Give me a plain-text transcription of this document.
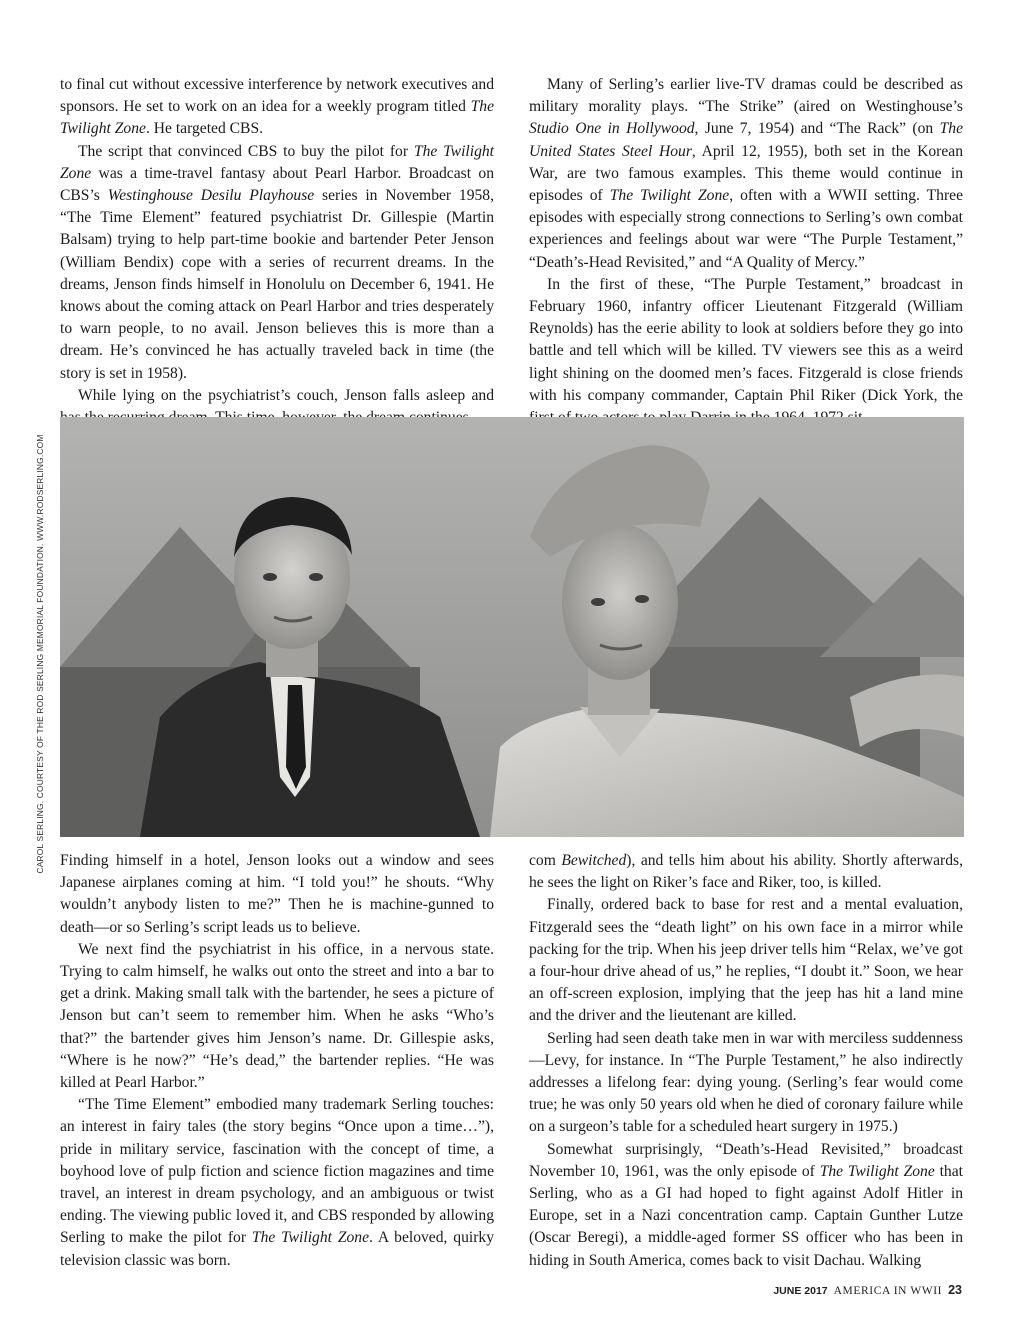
to final cut without excessive interference by network executives and sponsors. He set to work on an idea for a weekly program titled The Twilight Zone. He targeted CBS.

The script that convinced CBS to buy the pilot for The Twilight Zone was a time-travel fantasy about Pearl Harbor. Broadcast on CBS’s Westinghouse Desilu Playhouse series in November 1958, “The Time Element” featured psychiatrist Dr. Gillespie (Martin Balsam) trying to help part-time bookie and bartender Peter Jenson (William Bendix) cope with a series of recurrent dreams. In the dreams, Jenson finds himself in Honolulu on December 6, 1941. He knows about the coming attack on Pearl Harbor and tries desperately to warn people, to no avail. Jenson believes this is more than a dream. He’s convinced he has actually traveled back in time (the story is set in 1958).

While lying on the psychiatrist’s couch, Jenson falls asleep and

Many of Serling’s earlier live-TV dramas could be described as military morality plays. “The Strike” (aired on Westinghouse’s Studio One in Hollywood, June 7, 1954) and “The Rack” (on The United States Steel Hour, April 12, 1955), both set in the Korean War, are two famous examples. This theme would continue in episodes of The Twilight Zone, often with a WWII setting. Three episodes with especially strong connections to Serling’s own combat experiences and feelings about war were “The Purple Testament,” “Death’s-Head Revisited,” and “A Quality of Mercy.”

In the first of these, “The Purple Testament,” broadcast in February 1960, infantry officer Lieutenant Fitzgerald (William Reynolds) has the eerie ability to look at soldiers before they go into battle and tell which will be killed. TV viewers see this as a weird light shining on the doomed men’s faces. Fitzgerald is close friends with his company commander, Captain Phil Riker (Dick York, the

CAROL SERLING. COURTESY OF THE ROD SERLING MEMORIAL FOUNDATION. WWW.RODSERLING.COM Finding himself in a hotel, Jenson looks out a window and sees Japanese airplanes coming at him. “I told you!” he shouts. “Why wouldn’t anybody listen to me?” Then he is machine-gunned to death—or so Serling’s script leads us to believe.

We next find the psychiatrist in his office, in a nervous state. Trying to calm himself, he walks out onto the street and into a bar to get a drink. Making small talk with the bartender, he sees a picture of Jenson but can’t seem to remember him. When he asks “Who’s that?” the bartender gives him Jenson’s name. Dr. Gillespie asks, “Where is he now?” “He’s dead,” the bartender replies. “He was killed at Pearl Harbor.”

“The Time Element” embodied many trademark Serling touches: an interest in fairy tales (the story begins “Once upon a time…”), pride in military service, fascination with the concept of time, a boyhood love of pulp fiction and science fiction magazines and time travel, an interest in dream psychology, and an ambiguous or twist ending. The viewing public loved it, and CBS responded by allowing Serling to make the pilot for The Twilight Zone. A beloved, quirky television classic was born.

com Bewitched), and tells him about his ability. Shortly afterwards, he sees the light on Riker’s face and Riker, too, is killed.

Finally, ordered back to base for rest and a mental evaluation, Fitzgerald sees the “death light” on his own face in a mirror while packing for the trip. When his jeep driver tells him “Relax, we’ve got a four-hour drive ahead of us,” he replies, “I doubt it.” Soon, we hear an off-screen explosion, implying that the jeep has hit a land mine and the driver and the lieutenant are killed.

Serling had seen death take men in war with merciless suddenness—Levy, for instance. In “The Purple Testament,” he also indirectly addresses a lifelong fear: dying young. (Serling’s fear would come true; he was only 50 years old when he died of coronary failure while on a surgeon’s table for a scheduled heart surgery in 1975.)

Somewhat surprisingly, “Death’s-Head Revisited,” broadcast November 10, 1961, was the only episode of The Twilight Zone that Serling, who as a GI had hoped to fight against Adolf Hitler in Europe, set in a Nazi concentration camp. Captain Gunther Lutze (Oscar Beregi), a middle-aged former SS officer who has been in hiding in South America, comes back to visit Dachau. Walking

JUNE 2017 AMERICA IN WWII 23
